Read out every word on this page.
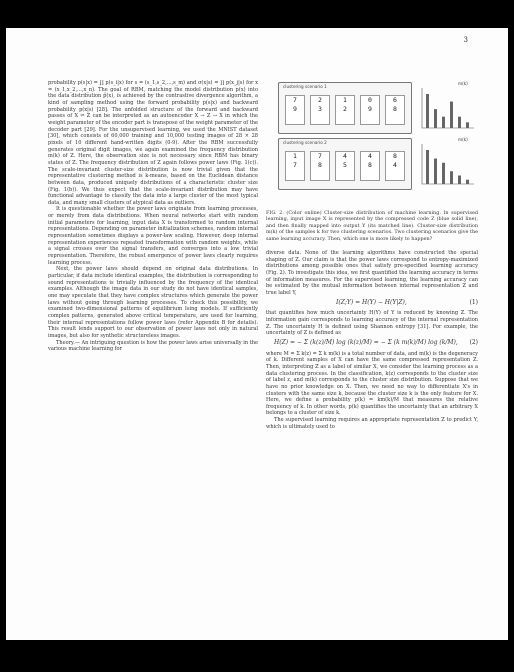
3

probability p(s|x) = ∏ p(s_i|x) for s = (s_1,s_2,...,s_m) and σ(x|s) = ∏ p(x_j|s) for x = (x_1,x_2,...,x_n). The goal of RBM, matching the model distribution p(x) into the data distribution p̂(x), is achieved by the contrastive divergence algorithm, a kind of sampling method using the forward probability p(s|x) and backward probability p(x|s) [28]. The unfolded structure of the forward and backward passes of X ⇌ Z can be interpreted as an autoencoder X → Z → X in which the weight parameter of the encoder part is transpose of the weight parameter of the decoder part [29]. For the unsupervised learning, we used the MNIST dataset [30], which consists of 60,000 training and 10,000 testing images of 28 × 28 pixels of 10 different hand-written digits (0-9). After the RBM successfully generates original digit images, we again examined the frequency distribution m(k) of Z. Here, the observation size is not necessary since RBM has binary states of Z. The frequency distribution of Z again follows power laws (Fig. 1(c)). The scale-invariant cluster-size distribution is now trivial given that the representative clustering method is k-means, based on the Euclidean distance between data, produced uniquely distributions of a characteristic cluster size (Fig. 1(b)). We thus expect that the scale-invariant distribution may have functional advantage to classify the data into a large cluster of the most typical data, and many small clusters of atypical data as outliers.

It is questionable whether the power laws originate from learning processes, or merely from data distributions. When neural networks start with random initial parameters for learning, input data X is transformed to random internal representations. Depending on parameter initialization schemes, random internal representation sometimes displays a power-law scaling. However, deep internal representation experiences repeated transformation with random weights, while a signal crosses over the signal transfers, and converges into a low trivial representation. Therefore, the robust emergence of power laws clearly requires learning process.

Next, the power laws should depend on original data distributions. In particular, if data include identical examples, the distribution is corresponding to sound representations is trivially influenced by the frequency of the identical examples. Although the image data in our study do not have identical samples, one may speculate that they have complex structures which generate the power laws without going through learning processes. To check this possibility, we examined two-dimensional patterns of equilibrium Ising models. If sufficiently complex patterns, generated above critical temperature, are used for learning, their internal representations follow power laws (refer Appendix B for details). This result lends support to our observation of power laws not only in natural images, but also for synthetic structureless images.

Theory.— An intriguing question is how the power laws arise universally in the various machine learning for

clustering scenario 1
7
9
2
3
1
2
0
9
6
8
clustering scenario 2
1
7
7
8
4
5
4
8
8
4
m(k)
m(k)
FIG. 2. (Color online) Cluster-size distribution of machine learning. In supervised learning, input image X is represented by the compressed code Z (blue solid line), and then finally mapped into output Y (its matched line). Cluster-size distribution m(k) of the samples k for two clustering scenarios. Two clustering scenarios give the same learning accuracy. Then, which one is more likely to happen?

diverse data. None of the learning algorithms have constructed the special shaping of Z. Our claim is that the power laws correspond to entropy-maximized distributions among possible ones that satisfy pre-specified learning accuracy (Fig. 2). To investigate this idea, we first quantified the learning accuracy in terms of information measures. For the supervised learning, the learning accuracy can be estimated by the mutual information between internal representation Z and true label Y,

I(Z;Y) = H(Y) − H(Y|Z),	(1)

that quantifies how much uncertainty H(Y) of Y is reduced by knowing Z. The information gain corresponds to learning accuracy of the internal representation Z. The uncertainty H is defined using Shannon entropy [31]. For example, the uncertainty of Z is defined as

H(Z) = − Σ (k(z)/M) log (k(z)/M) = − Σ (k m(k)/M) log (k/M), (2)

where M = Σ k(z) = Σ k m(k) is a total number of data, and m(k) is the degeneracy of k. Different samples of X can have the same compressed representation Z. Then, interpreting Z as a label of similar X, we consider the learning process as a data clustering process. In the classification, k(z) corresponds to the cluster size of label z, and m(k) corresponds to the cluster size distribution. Suppose that we have no prior knowledge on X. Then, we need no way to differentiate X's in clusters with the same size k, because the cluster size k is the only feature for X. Here, we define a probability p(k) = km(k)/M that measures the relative frequency of k. In other words, p(k) quantifies the uncertainty that an arbitrary X belongs to a cluster of size k.

The supervised learning requires an appropriate representation Z to predict Y, which is ultimately used to
